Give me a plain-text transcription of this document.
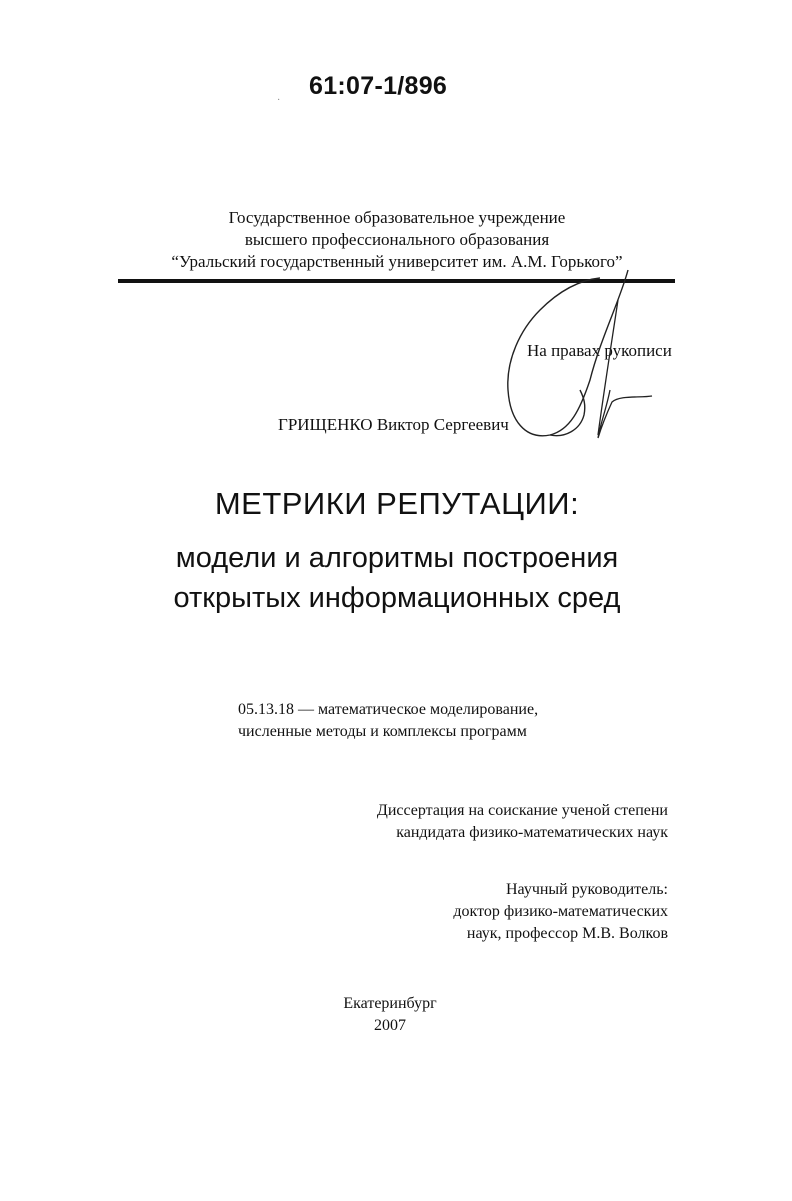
61:07-1/896
·
Государственное образовательное учреждение
высшего профессионального образования
“Уральский государственный университет им. А.М. Горького”
На правах рукописи
ГРИЩЕНКО Виктор Сергеевич
МЕТРИКИ РЕПУТАЦИИ:
модели и алгоритмы построения
открытых информационных сред
05.13.18 — математическое моделирование,
численные методы и комплексы программ
Диссертация на соискание ученой степени
кандидата физико-математических наук
Научный руководитель:
доктор физико-математических
наук, профессор М.В. Волков
Екатеринбург
2007
